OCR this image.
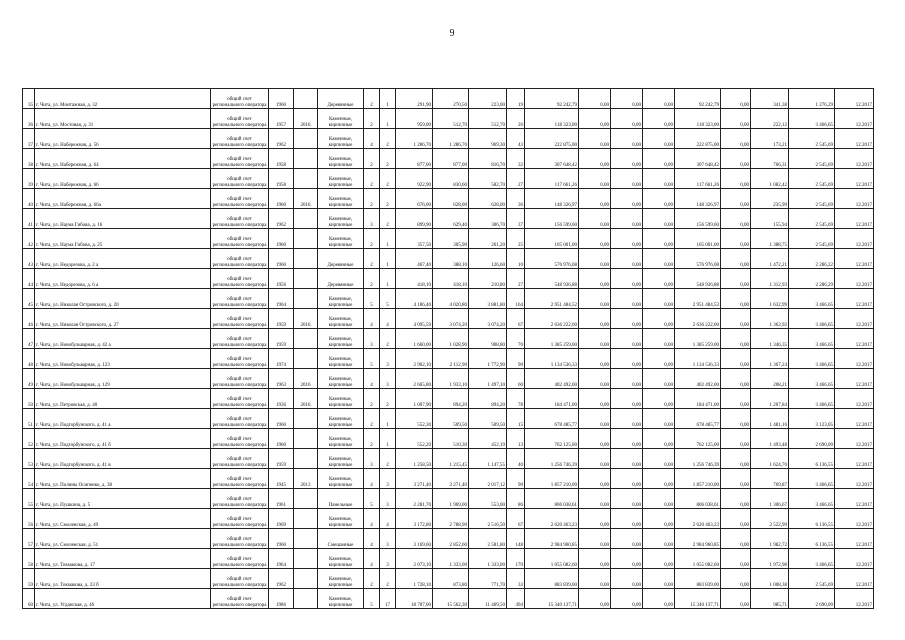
9
35	г. Чита, ул. Монтажная, д. 32	общий счет регионального оператора	1960		Деревянные	2	1	291,90	270,50	223,00	19	92 242,79	0,00	0,00	0,00	92 242,79	0,00	341,38	1 276,29	12.2017
36	г. Чита, ул. Мостовая, д. 31	общий счет регионального оператора	1957	2016	Каменные, кирпичные	2	1	959,00	512,70	512,70	26	118 323,00	0,00	0,00	0,00	118 323,00	0,00	222,12	3 466,65	12.2017
37	г. Чита, ул. Набережная, д. 56	общий счет регионального оператора	1962		Каменные, кирпичные	4	2	1 286,70	1 286,70	969,30	43	222 875,00	0,00	0,00	0,00	222 875,00	0,00	173,21	2 545,69	12.2017
38	г. Чита, ул. Набережная, д. 64	общий счет регионального оператора	1958		Каменные, кирпичные	2	2	877,00	877,00	816,70	32	307 648,42	0,00	0,00	0,00	307 648,42	0,00	766,31	2 545,69	12.2017
39	г. Чита, ул. Набережная, д. 66	общий счет регионального оператора	1958		Каменные, кирпичные	2	2	922,90	830,60	582,70	27	117 661,26	0,00	0,00	0,00	117 661,26	0,00	1 082,42	2 545,69	12.2017
40	г. Чита, ул. Набережная, д. 66а	общий счет регионального оператора	1960	2016	Каменные, кирпичные	2	2	676,00	628,00	628,00	36	148 326,97	0,00	0,00	0,00	148 326,97	0,00	235,99	2 545,69	12.2017
41	г. Чита, ул. Наума Гибова, д. 16	общий счет регионального оператора	1962		Каменные, кирпичные	3	2	899,90	629,40	306,70	37	156 599,60	0,00	0,00	0,00	156 599,60	0,00	155,94	2 545,69	12.2017
42	г. Чита, ул. Наума Гибова, д. 25	общий счет регионального оператора	1960		Каменные, кирпичные	2	1	357,50	305,90	261,20	25	105 001,00	0,00	0,00	0,00	105 001,00	0,00	1 388,75	2 545,69	12.2017
43	г. Чита, ул. Недорезова, д. 2 а	общий счет регионального оператора	1960		Деревянные	2	1	467,40	388,10	126,60	10	576 976,08	0,00	0,00	0,00	576 976,08	0,00	1 472,21	2 286,22	12.2017
44	г. Чита, ул. Недорезова, д. 6 а	общий счет регионального оператора	1956		Деревянные	2	1	418,10	418,10	210,80	27	548 936,88	0,00	0,00	0,00	548 936,88	0,00	1 312,93	2 286,29	12.2017
45	г. Чита, ул. Николая Островского, д. 20	общий счет регионального оператора	1964		Каменные, кирпичные	5	5	4 186,40	4 020,80	3 881,80	164	2 951 484,52	0,00	0,00	0,00	2 951 484,52	0,00	1 632,99	3 466,65	12.2017
46	г. Чита, ул. Николая Островского, д. 27	общий счет регионального оператора	1959	2016	Каменные, кирпичные	4	4	4 095,59	3 074,20	3 074,20	67	2 636 222,00	0,00	0,00	0,00	2 636 222,00	0,00	1 363,92	3 466,65	12.2017
47	г. Чита, ул. Новобульварная, д. 42 а	общий счет регионального оператора	1959		Каменные, кирпичные	3	2	1 660,00	1 028,90	908,80	70	1 385 259,00	0,00	0,00	0,00	1 385 259,00	0,00	1 346,35	3 466,65	12.2017
48	г. Чита, ул. Новобульварная, д. 123	общий счет регионального оператора	1974		Каменные, кирпичные	5	3	2 902,10	2 112,90	1 772,90	90	1 134 536,33	0,00	0,00	0,00	1 134 536,33	0,00	1 367,24	3 466,65	12.2017
49	г. Чита, ул. Новобульварная, д. 129	общий счет регионального оператора	1963	2016	Каменные, кирпичные	4	3	2 665,80	1 933,10	1 497,10	60	402 492,00	0,00	0,00	0,00	402 492,00	0,00	208,21	3 466,65	12.2017
50	г. Чита, ул. Петровская, д. 40	общий счет регионального оператора	1936	2016	Каменные, кирпичные	2	2	1 007,90	894,20	894,20	78	184 471,00	0,00	0,00	0,00	184 471,00	0,00	1 207,84	3 466,65	12.2017
51	г. Чита, ул. Подгорбунского, д. 41 а	общий счет регионального оператора	1960		Каменные, кирпичные	2	1	552,30	509,50	509,50	15	678 485,77	0,00	0,00	0,00	678 485,77	0,00	1 481,16	3 123,05	12.2017
52	г. Чита, ул. Подгорбунского, д. 41 б	общий счет регионального оператора	1960		Каменные, кирпичные	2	1	552,20	510,30	452,19	13	762 125,00	0,00	0,00	0,00	762 125,00	0,00	1 493,48	2 690,00	12.2017
53	г. Чита, ул. Подгорбунского, д. 41 в	общий счет регионального оператора	1959		Каменные, кирпичные	3	2	1 258,50	1 215,45	1 147,55	40	1 256 746,39	0,00	0,00	0,00	1 256 746,39	0,00	1 624,70	6 136,55	12.2017
54	г. Чита, ул. Полины Осипенко, д. 38	общий счет регионального оператора	1945	2013	Каменные, кирпичные	4	3	3 271,40	3 271,40	2 017,12	90	1 857 210,00	0,00	0,00	0,00	1 857 210,00	0,00	769,87	3 466,65	12.2017
55	г. Чита, ул. Пушкина, д. 5	общий счет регионального оператора	1961		Панельные	5	3	2 281,70	1 969,00	553,00	86	806 038,61	0,00	0,00	0,00	806 038,61	0,00	1 306,67	3 466,65	12.2017
56	г. Чита, ул. Смоленская, д. 49	общий счет регионального оператора	1969		Каменные, кирпичные	4	4	3 172,80	2 788,90	2 516,50	67	2 620 463,23	0,00	0,00	0,00	2 620 463,23	0,00	2 522,99	6 136,55	12.2017
57	г. Чита, ул. Смоленская, д. 51	общий счет регионального оператора	1960		Смешанные	4	3	3 169,60	2 852,60	2 581,80	148	2 984 960,85	0,00	0,00	0,00	2 984 960,85	0,00	1 982,72	6 136,55	12.2017
58	г. Чита, ул. Токмакова, д. 17	общий счет регионального оператора	1964		Каменные, кирпичные	4	3	2 073,10	1 333,00	1 333,00	170	1 055 082,60	0,00	0,00	0,00	1 055 082,60	0,00	1 972,98	3 466,65	12.2017
59	г. Чита, ул. Токмакова, д. 23 б	общий счет регионального оператора	1962		Каменные, кирпичные	2	2	1 728,10	873,80	771,70	33	883 839,00	0,00	0,00	0,00	883 839,00	0,00	1 008,38	2 545,69	12.2017
60	г. Чита, ул. Угданская, д. 46	общий счет регионального оператора	1986		Каменные, кирпичные	5	17	18 787,00	15 562,30	11 469,50	494	15 340 137,71	0,00	0,00	0,00	15 340 137,71	0,00	985,71	2 690,00	12.2017
